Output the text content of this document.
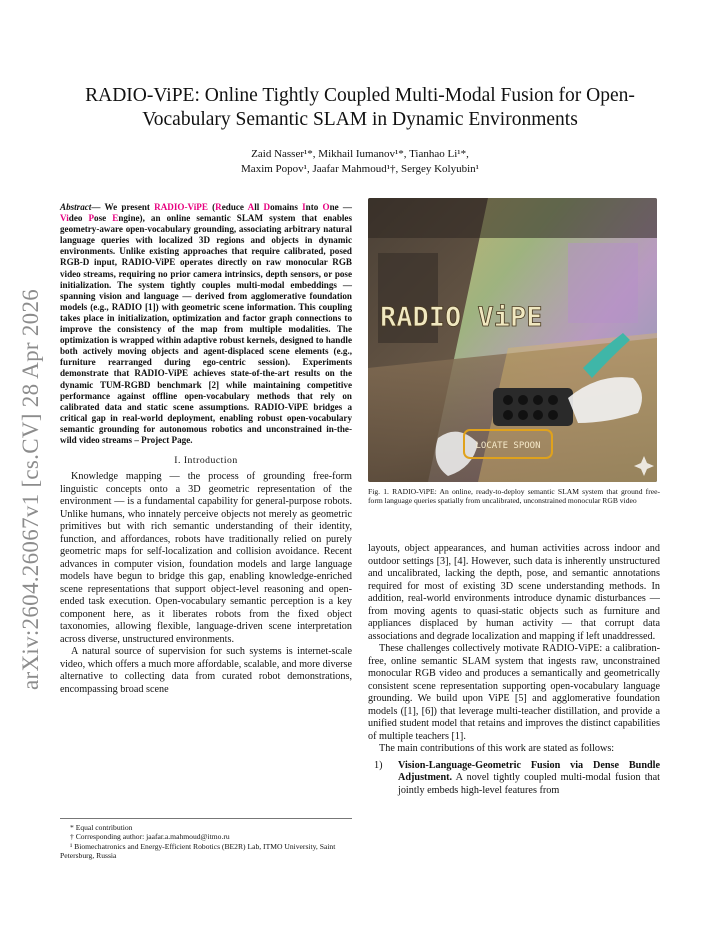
arXiv:2604.26067v1 [cs.CV] 28 Apr 2026
RADIO-ViPE: Online Tightly Coupled Multi-Modal Fusion for Open-Vocabulary Semantic SLAM in Dynamic Environments
Zaid Nasser¹*, Mikhail Iumanov¹*, Tianhao Li¹*,
Maxim Popov¹, Jaafar Mahmoud¹†, Sergey Kolyubin¹

Abstract— We present RADIO-ViPE (Reduce All Domains Into One — Video Pose Engine), an online semantic SLAM system that enables geometry-aware open-vocabulary grounding, associating arbitrary natural language queries with localized 3D regions and objects in dynamic environments. Unlike existing approaches that require calibrated, posed RGB-D input, RADIO-ViPE operates directly on raw monocular RGB video streams, requiring no prior camera intrinsics, depth sensors, or pose initialization. The system tightly couples multi-modal embeddings — spanning vision and language — derived from agglomerative foundation models (e.g., RADIO [1]) with geometric scene information. This coupling takes place in initialization, optimization and factor graph connections to improve the consistency of the map from multiple modalities. The optimization is wrapped within adaptive robust kernels, designed to handle both actively moving objects and agent-displaced scene elements (e.g., furniture rearranged during ego-centric session). Experiments demonstrate that RADIO-ViPE achieves state-of-the-art results on the dynamic TUM-RGBD benchmark [2] while maintaining competitive performance against offline open-vocabulary methods that rely on calibrated data and static scene assumptions. RADIO-ViPE bridges a critical gap in real-world deployment, enabling robust open-vocabulary semantic grounding for autonomous robotics and unconstrained in-the-wild video streams – Project Page.

I. Introduction

Knowledge mapping — the process of grounding free-form linguistic concepts onto a 3D geometric representation of the environment — is a fundamental capability for general-purpose robots. Unlike humans, who innately perceive objects not merely as geometric primitives but with rich semantic understanding of their identity, function, and affordances, robots have traditionally relied on purely geometric maps for self-localization and collision avoidance. Recent advances in computer vision, foundation models and large language models have begun to bridge this gap, enabling knowledge-enriched scene representations that support object-level reasoning and open-ended task execution. Open-vocabulary semantic perception is a key component here, as it liberates robots from the fixed object taxonomies, allowing flexible, language-driven scene interpretation across diverse, unstructured environments.

A natural source of supervision for such systems is internet-scale video, which offers a much more affordable, scalable, and more diverse alternative to collecting data from curated robot demonstrations, encompassing broad scene

* Equal contribution

† Corresponding author: jaafar.a.mahmoud@itmo.ru

¹ Biomechatronics and Energy-Efficient Robotics (BE2R) Lab, ITMO University, Saint Petersburg, Russia

RADIO ViPE
LOCATE SPOON

Fig. 1. RADIO-ViPE: An online, ready-to-deploy semantic SLAM system that ground free-form language queries spatially from uncalibrated, unconstrained monocular RGB video

layouts, object appearances, and human activities across indoor and outdoor settings [3], [4]. However, such data is inherently unstructured and uncalibrated, lacking the depth, pose, and semantic annotations required for most of existing 3D scene understanding methods. In addition, real-world environments introduce dynamic disturbances — from moving agents to quasi-static objects such as furniture and appliances displaced by human activity — that corrupt data associations and degrade localization and mapping if left unaddressed.

These challenges collectively motivate RADIO-ViPE: a calibration-free, online semantic SLAM system that ingests raw, unconstrained monocular RGB video and produces a semantically and geometrically consistent scene representation supporting open-vocabulary language grounding. We build upon ViPE [5] and agglomerative foundation models ([1], [6]) that leverage multi-teacher distillation, and provide a unified student model that retains and improves the distinct capabilities of multiple teachers [1].

The main contributions of this work are stated as follows:

1)	Vision-Language-Geometric Fusion via Dense Bundle Adjustment. A novel tightly coupled multi-modal fusion that jointly embeds high-level features from
